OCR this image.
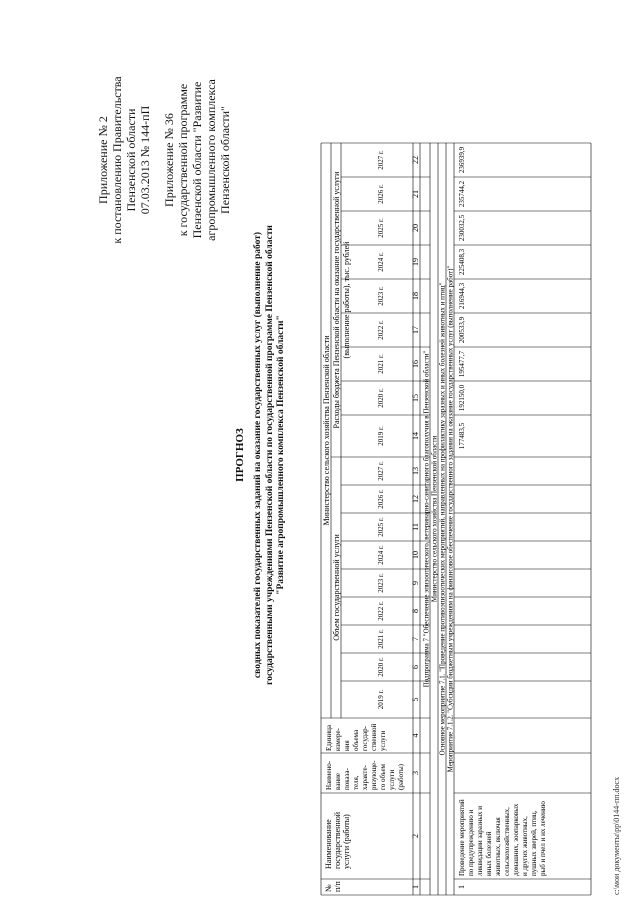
Приложение № 2 к постановлению Правительства Пензенской области 07.03.2013 № 144-пП Приложение № 36 к государственной программе Пензенской области "Развитие агропромышленного комплекса Пензенской области"
ПРОГНОЗ сводных показателей государственных заданий на оказание государственных услуг (выполнение работ) государственными учреждениями Пензенской области по государственной программе Пензенской области "Развитие агропромышленного комплекса Пензенской области"
№ п/п
Наименование государственной услуги (работы)
Наимено- вание показа- теля, характе- ризующе- го объем услуги (работы)
Единица измере- ния объема государ- ственной услуги
Министерство сельского хозяйства Пензенской области
Объем государственной услуги
Расходы бюджета Пензенской области на оказание государственной услуги (выполнение работы), тыс. рублей
2019 г.
2019 г.
2020 г.
2020 г.
2021 г.
2021 г.
2022 г.
2022 г.
2023 г.
2023 г.
2024 г.
2024 г.
2025 г.
2025 г.
2026 г.
2026 г.
2027 г.
2027 г.
1
2
3
4
5
6
7
8
9
10
11
12
13
14
15
16
17
18
19
20
21
22
Подпрограмма 7 "Обеспечение эпизоотического, ветеринарно-санитарного благополучия в Пензенской области" Министерство сельского хозяйства Пензенской области Основное мероприятие 7.1. "Проведение противоэпизоотических мероприятий, направленных на профилактику заразных и иных болезней животных и птиц" Мероприятие 7.1.2. "Субсидии бюджетным учреждениям на финансовое обеспечение государственного задания на оказание государственных услуг (выполнение работ)"
1
Проведение мероприятий по предупреждению и ликвидации заразных и иных болезней животных, включая сельскохозяйственных, домашних, зоопарковых и других животных, пушных зверей, птиц, рыб и пчел и их лечению
177483,5
192150,0
195477,7
200533,9
216944,3
225408,3
230032,5
235744,2
236939,9
c:\мои документы\pp\0144-пп.docx
